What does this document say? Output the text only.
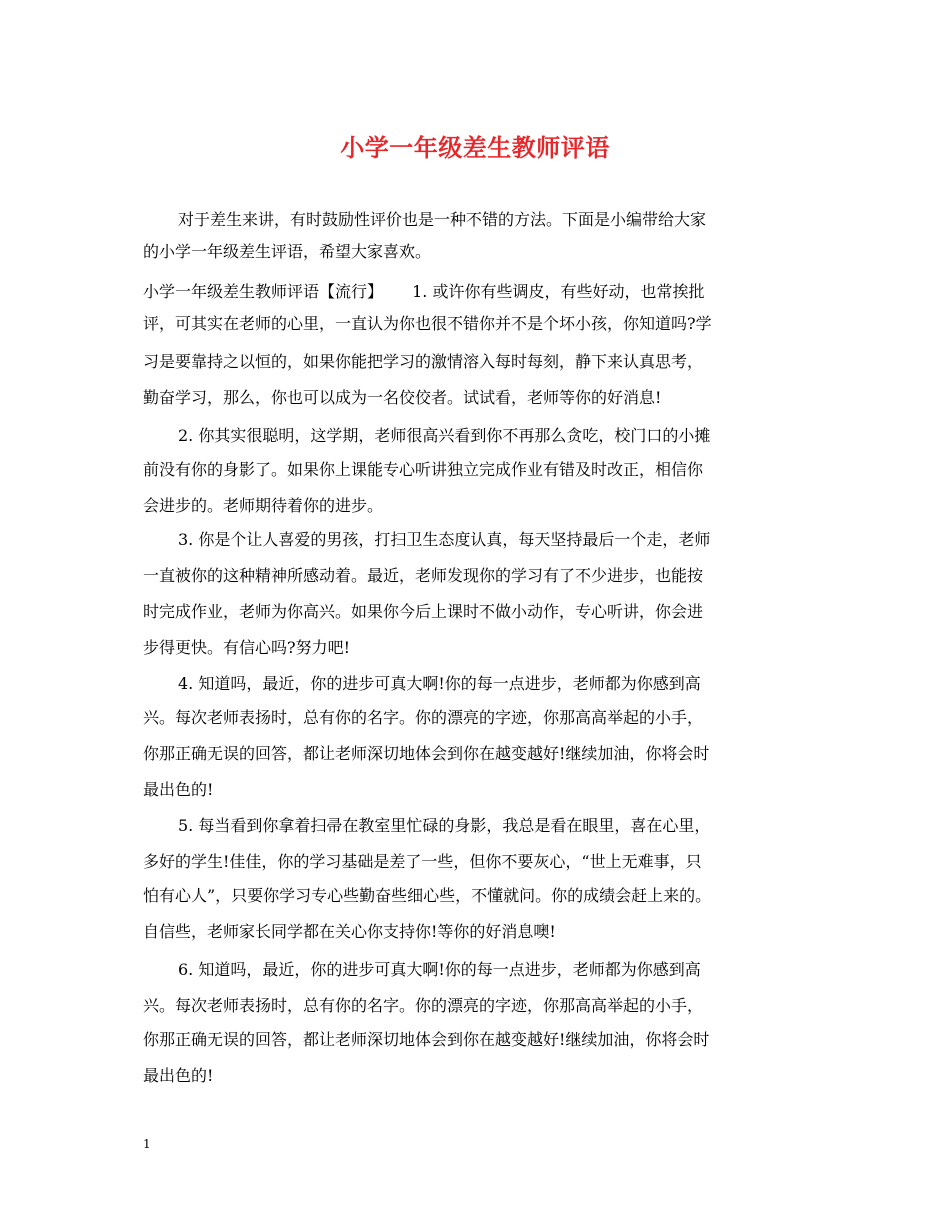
小学一年级差生教师评语
对于差生来讲，有时鼓励性评价也是一种不错的方法。下面是小编带给大家
的小学一年级差生评语，希望大家喜欢。
小学一年级差生教师评语【流行】　　 1. 或许你有些调皮，有些好动，也常挨批
评，可其实在老师的心里，一直认为你也很不错你并不是个坏小孩，你知道吗?学
习是要靠持之以恒的，如果你能把学习的激情溶入每时每刻，静下来认真思考，
勤奋学习，那么，你也可以成为一名佼佼者。试试看，老师等你的好消息!
2. 你其实很聪明，这学期，老师很高兴看到你不再那么贪吃，校门口的小摊
前没有你的身影了。如果你上课能专心听讲独立完成作业有错及时改正，相信你
会进步的。老师期待着你的进步。
3. 你是个让人喜爱的男孩，打扫卫生态度认真，每天坚持最后一个走，老师
一直被你的这种精神所感动着。最近，老师发现你的学习有了不少进步，也能按
时完成作业，老师为你高兴。如果你今后上课时不做小动作，专心听讲，你会进
步得更快。有信心吗?努力吧!
4. 知道吗，最近，你的进步可真大啊!你的每一点进步，老师都为你感到高
兴。每次老师表扬时，总有你的名字。你的漂亮的字迹，你那高高举起的小手，
你那正确无误的回答，都让老师深切地体会到你在越变越好!继续加油，你将会时
最出色的!
5. 每当看到你拿着扫帚在教室里忙碌的身影，我总是看在眼里，喜在心里，
多好的学生!佳佳，你的学习基础是差了一些，但你不要灰心，“世上无难事，只
怕有心人”，只要你学习专心些勤奋些细心些，不懂就问。你的成绩会赶上来的。
自信些，老师家长同学都在关心你支持你!等你的好消息噢!
6. 知道吗，最近，你的进步可真大啊!你的每一点进步，老师都为你感到高
兴。每次老师表扬时，总有你的名字。你的漂亮的字迹，你那高高举起的小手，
你那正确无误的回答，都让老师深切地体会到你在越变越好!继续加油，你将会时
最出色的!
1
